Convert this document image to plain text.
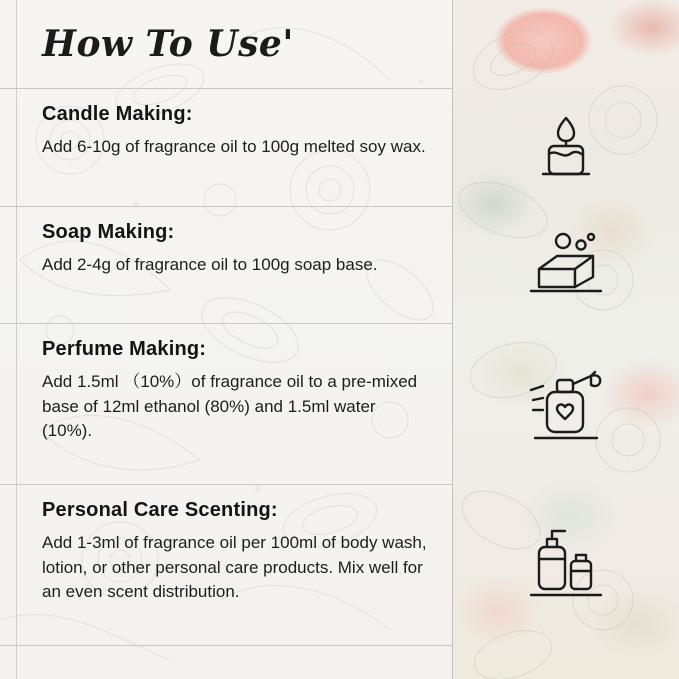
How To Use'
Candle Making:
Add 6-10g of fragrance oil to 100g melted soy wax.
Soap Making:
Add 2-4g of fragrance oil to 100g soap base.
Perfume Making:
Add 1.5ml （10%）of fragrance oil to a pre-mixed base of 12ml ethanol (80%) and 1.5ml water (10%).
Personal Care Scenting:
Add 1-3ml of fragrance oil per 100ml of body wash, lotion, or other personal care products. Mix well for an even scent distribution.
